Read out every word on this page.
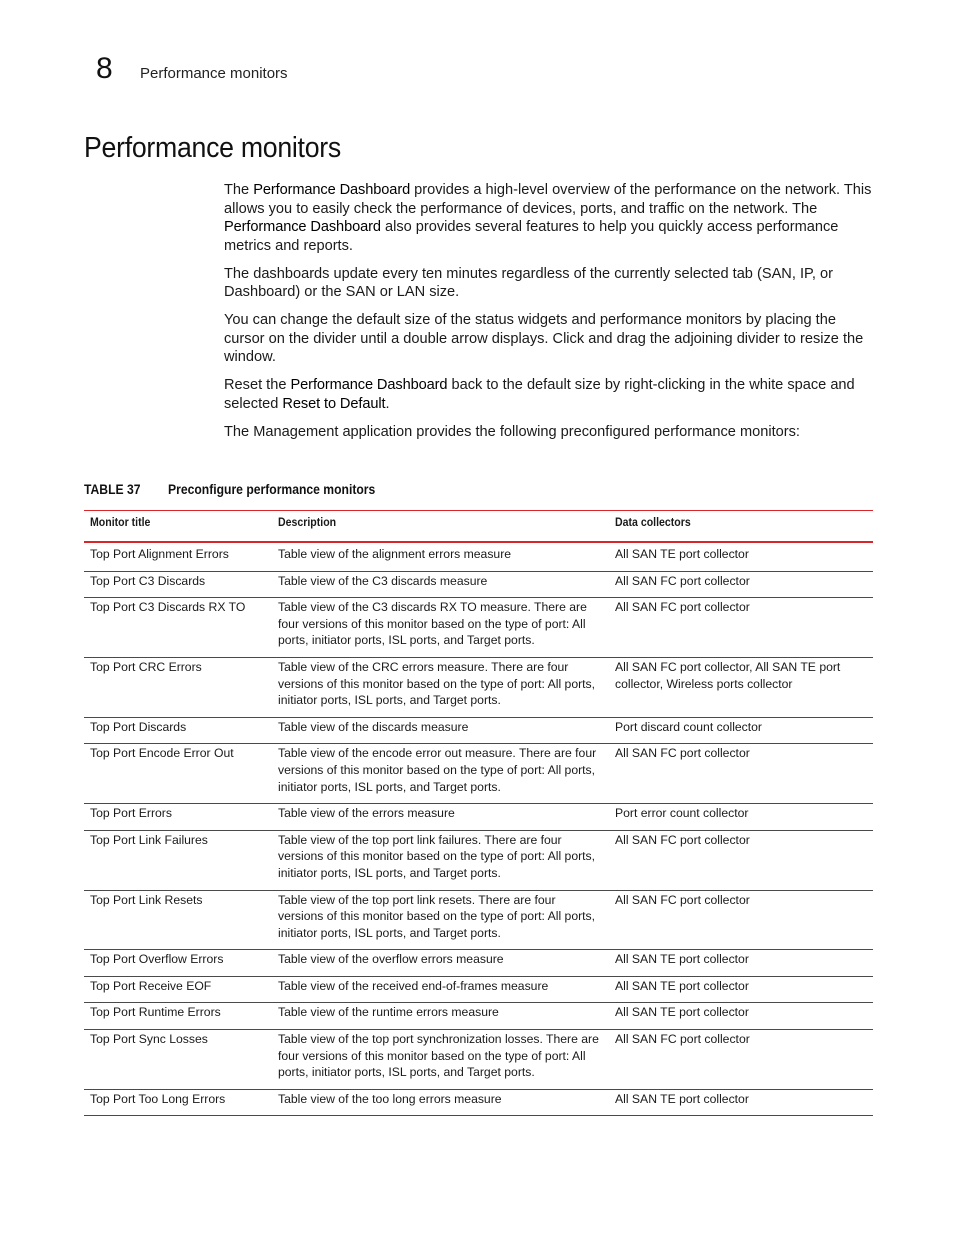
8 Performance monitors
Performance monitors

The Performance Dashboard provides a high-level overview of the performance on the network. This allows you to easily check the performance of devices, ports, and traffic on the network. The Performance Dashboard also provides several features to help you quickly access performance metrics and reports.

The dashboards update every ten minutes regardless of the currently selected tab (SAN, IP, or Dashboard) or the SAN or LAN size.

You can change the default size of the status widgets and performance monitors by placing the cursor on the divider until a double arrow displays. Click and drag the adjoining divider to resize the window.

Reset the Performance Dashboard back to the default size by right-clicking in the white space and selected Reset to Default.

The Management application provides the following preconfigured performance monitors:

TABLE 37 Preconfigure performance monitors
Monitor title	Description	Data collectors
Top Port Alignment Errors	Table view of the alignment errors measure	All SAN TE port collector
Top Port C3 Discards	Table view of the C3 discards measure	All SAN FC port collector
Top Port C3 Discards RX TO	Table view of the C3 discards RX TO measure. There are four versions of this monitor based on the type of port: All ports, initiator ports, ISL ports, and Target ports.	All SAN FC port collector
Top Port CRC Errors	Table view of the CRC errors measure. There are four versions of this monitor based on the type of port: All ports, initiator ports, ISL ports, and Target ports.	All SAN FC port collector, All SAN TE port collector, Wireless ports collector
Top Port Discards	Table view of the discards measure	Port discard count collector
Top Port Encode Error Out	Table view of the encode error out measure. There are four versions of this monitor based on the type of port: All ports, initiator ports, ISL ports, and Target ports.	All SAN FC port collector
Top Port Errors	Table view of the errors measure	Port error count collector
Top Port Link Failures	Table view of the top port link failures. There are four versions of this monitor based on the type of port: All ports, initiator ports, ISL ports, and Target ports.	All SAN FC port collector
Top Port Link Resets	Table view of the top port link resets. There are four versions of this monitor based on the type of port: All ports, initiator ports, ISL ports, and Target ports.	All SAN FC port collector
Top Port Overflow Errors	Table view of the overflow errors measure	All SAN TE port collector
Top Port Receive EOF	Table view of the received end-of-frames measure	All SAN TE port collector
Top Port Runtime Errors	Table view of the runtime errors measure	All SAN TE port collector
Top Port Sync Losses	Table view of the top port synchronization losses. There are four versions of this monitor based on the type of port: All ports, initiator ports, ISL ports, and Target ports.	All SAN FC port collector
Top Port Too Long Errors	Table view of the too long errors measure	All SAN TE port collector
